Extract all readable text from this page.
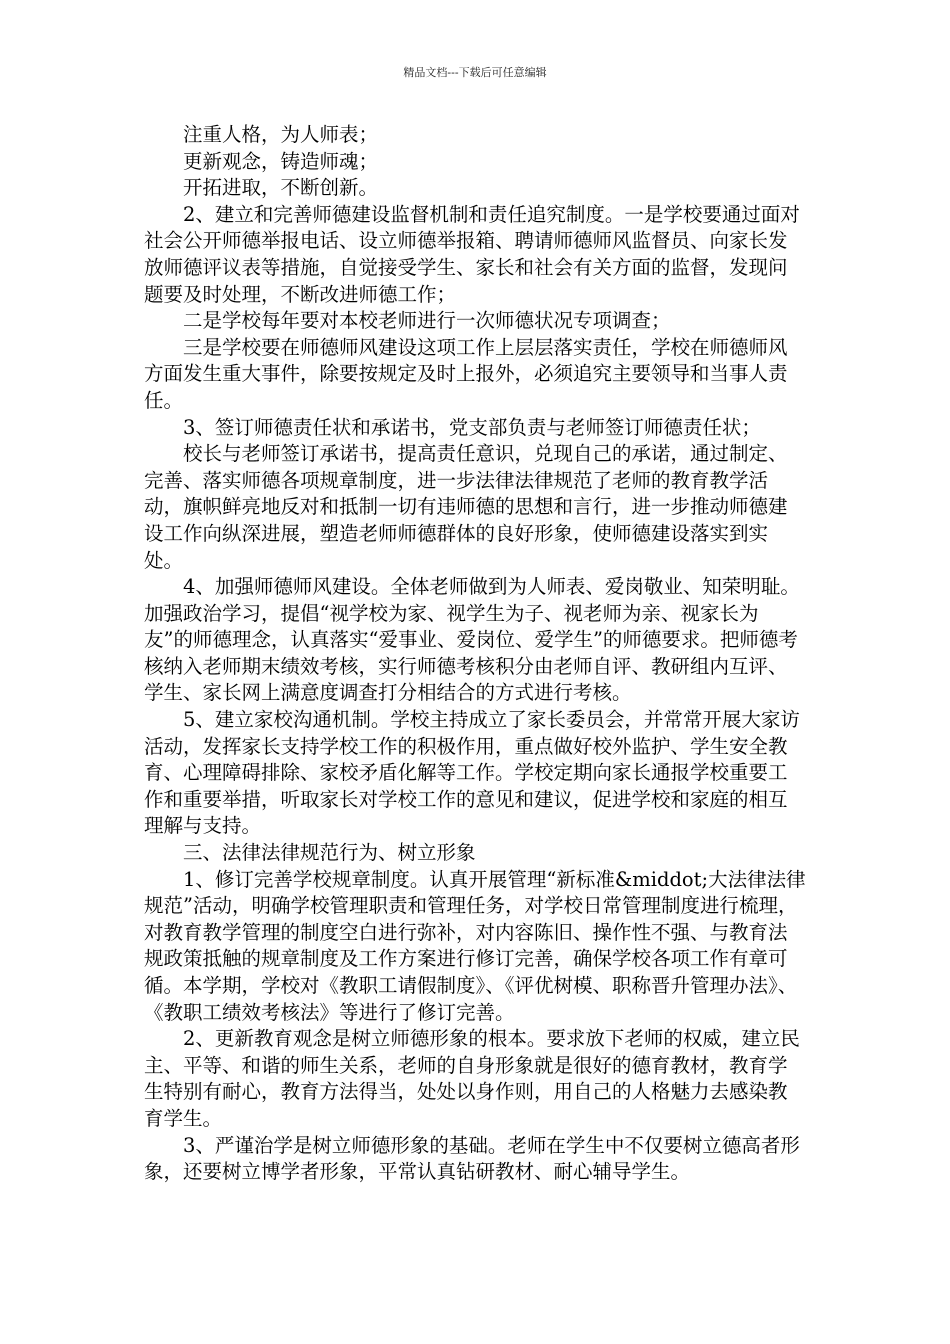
精品文档---下载后可任意编辑

注重人格，为人师表；

更新观念，铸造师魂；

开拓进取，不断创新。

2、建立和完善师德建设监督机制和责任追究制度。一是学校要通过面对社会公开师德举报电话、设立师德举报箱、聘请师德师风监督员、向家长发放师德评议表等措施，自觉接受学生、家长和社会有关方面的监督，发现问题要及时处理，不断改进师德工作；

二是学校每年要对本校老师进行一次师德状况专项调查；

三是学校要在师德师风建设这项工作上层层落实责任，学校在师德师风方面发生重大事件，除要按规定及时上报外，必须追究主要领导和当事人责任。

3、签订师德责任状和承诺书，党支部负责与老师签订师德责任状；

校长与老师签订承诺书，提高责任意识，兑现自己的承诺，通过制定、完善、落实师德各项规章制度，进一步法律法律规范了老师的教育教学活动，旗帜鲜亮地反对和抵制一切有违师德的思想和言行，进一步推动师德建设工作向纵深进展，塑造老师师德群体的良好形象，使师德建设落实到实处。

4、加强师德师风建设。全体老师做到为人师表、爱岗敬业、知荣明耻。加强政治学习，提倡“视学校为家、视学生为子、视老师为亲、视家长为友”的师德理念，认真落实“爱事业、爱岗位、爱学生”的师德要求。把师德考核纳入老师期末绩效考核，实行师德考核积分由老师自评、教研组内互评、学生、家长网上满意度调查打分相结合的方式进行考核。

5、建立家校沟通机制。学校主持成立了家长委员会，并常常开展大家访活动，发挥家长支持学校工作的积极作用，重点做好校外监护、学生安全教育、心理障碍排除、家校矛盾化解等工作。学校定期向家长通报学校重要工作和重要举措，听取家长对学校工作的意见和建议，促进学校和家庭的相互理解与支持。

三、法律法律规范行为、树立形象

1、修订完善学校规章制度。认真开展管理“新标准&middot;大法律法律规范”活动，明确学校管理职责和管理任务，对学校日常管理制度进行梳理，对教育教学管理的制度空白进行弥补，对内容陈旧、操作性不强、与教育法规政策抵触的规章制度及工作方案进行修订完善，确保学校各项工作有章可循。本学期，学校对《教职工请假制度》、《评优树模、职称晋升管理办法》、《教职工绩效考核法》等进行了修订完善。

2、更新教育观念是树立师德形象的根本。要求放下老师的权威，建立民主、平等、和谐的师生关系，老师的自身形象就是很好的德育教材，教育学生特别有耐心，教育方法得当，处处以身作则，用自己的人格魅力去感染教育学生。

3、严谨治学是树立师德形象的基础。老师在学生中不仅要树立德高者形象，还要树立博学者形象，平常认真钻研教材、耐心辅导学生。
